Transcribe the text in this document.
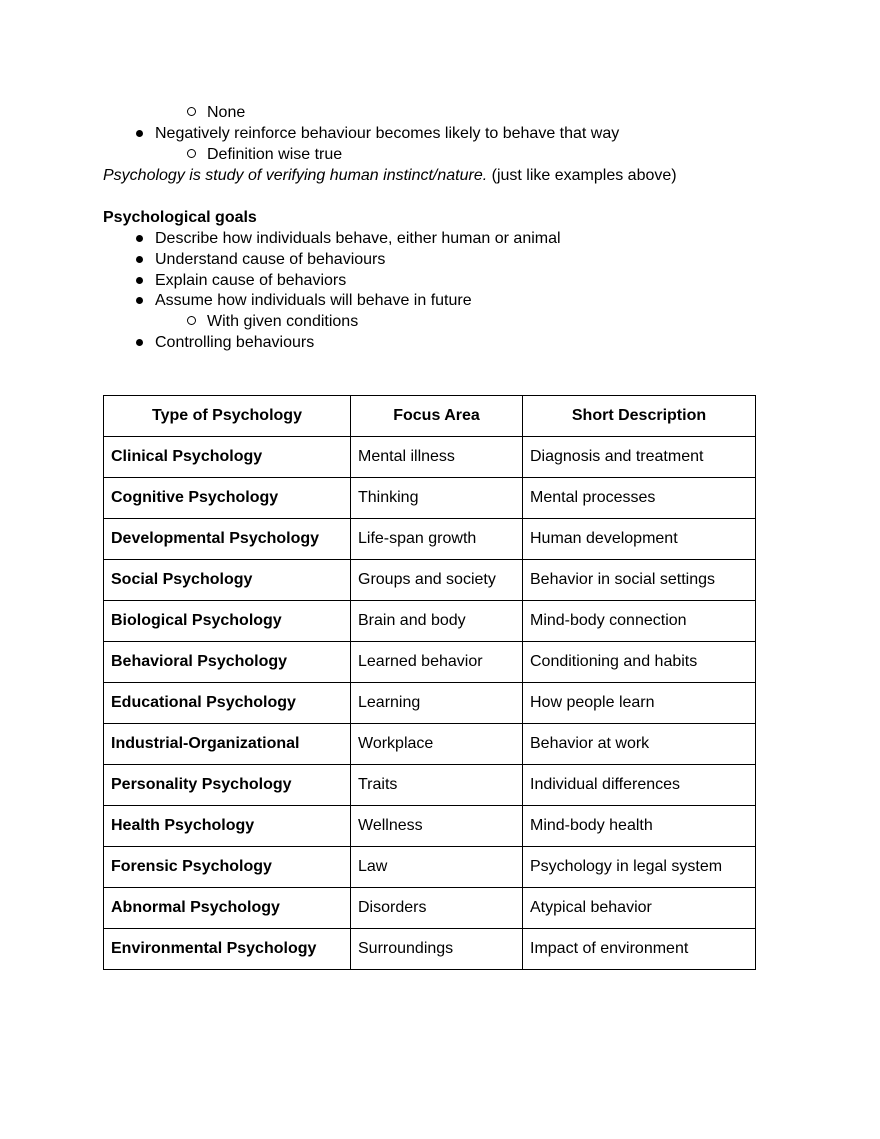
None
Negatively reinforce behaviour becomes likely to behave that way
Definition wise true
Psychology is study of verifying human instinct/nature. (just like examples above)
Psychological goals
Describe how individuals behave, either human or animal
Understand cause of behaviours
Explain cause of behaviors
Assume how individuals will behave in future
With given conditions
Controlling behaviours
Type of Psychology	Focus Area	Short Description
Clinical Psychology	Mental illness	Diagnosis and treatment
Cognitive Psychology	Thinking	Mental processes
Developmental Psychology	Life-span growth	Human development
Social Psychology	Groups and society	Behavior in social settings
Biological Psychology	Brain and body	Mind-body connection
Behavioral Psychology	Learned behavior	Conditioning and habits
Educational Psychology	Learning	How people learn
Industrial-Organizational	Workplace	Behavior at work
Personality Psychology	Traits	Individual differences
Health Psychology	Wellness	Mind-body health
Forensic Psychology	Law	Psychology in legal system
Abnormal Psychology	Disorders	Atypical behavior
Environmental Psychology	Surroundings	Impact of environment
